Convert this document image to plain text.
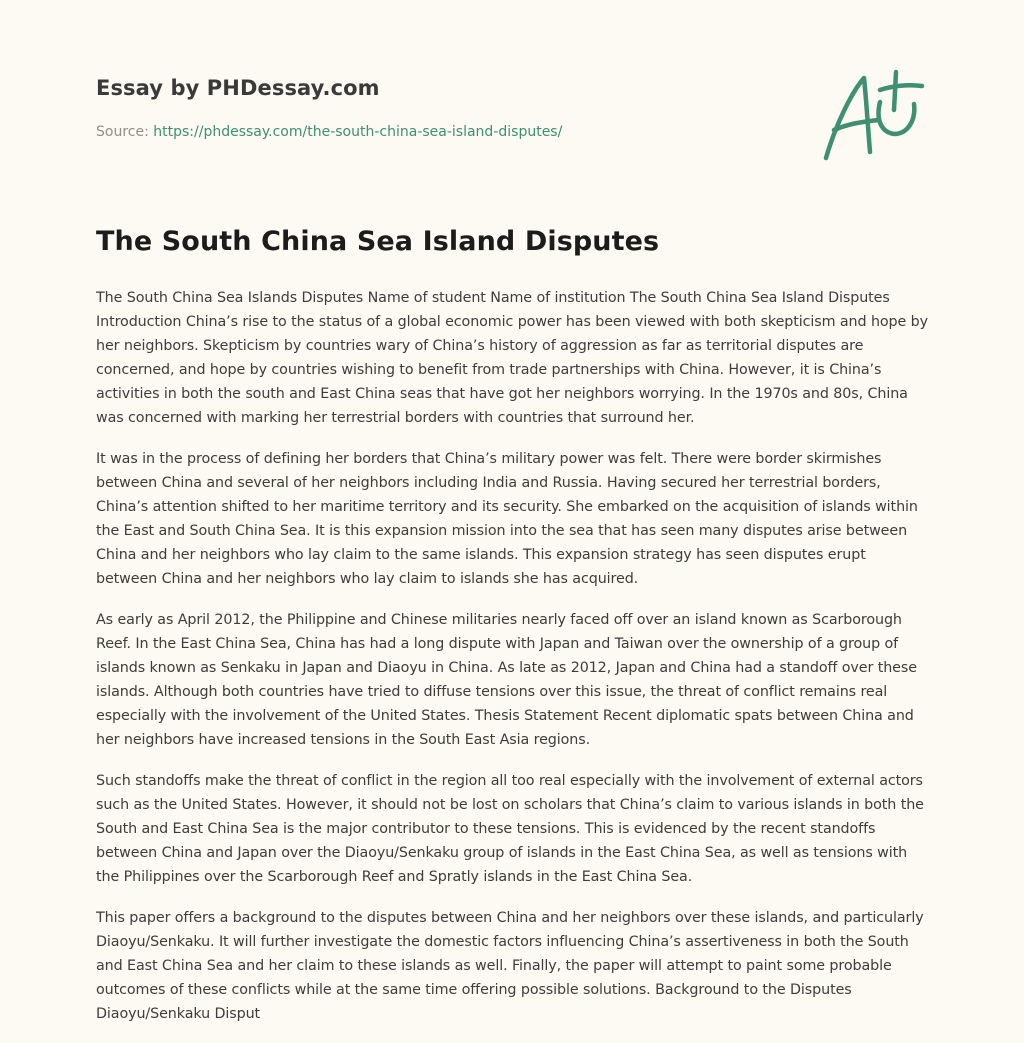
Essay by PHDessay.com
Source: https://phdessay.com/the-south-china-sea-island-disputes/
The South China Sea Island Disputes

The South China Sea Islands Disputes Name of student Name of institution The South China Sea Island Disputes Introduction China’s rise to the status of a global economic power has been viewed with both skepticism and hope by her neighbors. Skepticism by countries wary of China’s history of aggression as far as territorial disputes are concerned, and hope by countries wishing to benefit from trade partnerships with China. However, it is China’s activities in both the south and East China seas that have got her neighbors worrying. In the 1970s and 80s, China was concerned with marking her terrestrial borders with countries that surround her.

It was in the process of defining her borders that China’s military power was felt. There were border skirmishes between China and several of her neighbors including India and Russia. Having secured her terrestrial borders, China’s attention shifted to her maritime territory and its security. She embarked on the acquisition of islands within the East and South China Sea. It is this expansion mission into the sea that has seen many disputes arise between China and her neighbors who lay claim to the same islands. This expansion strategy has seen disputes erupt between China and her neighbors who lay claim to islands she has acquired.

As early as April 2012, the Philippine and Chinese militaries nearly faced off over an island known as Scarborough Reef. In the East China Sea, China has had a long dispute with Japan and Taiwan over the ownership of a group of islands known as Senkaku in Japan and Diaoyu in China. As late as 2012, Japan and China had a standoff over these islands. Although both countries have tried to diffuse tensions over this issue, the threat of conflict remains real especially with the involvement of the United States. Thesis Statement Recent diplomatic spats between China and her neighbors have increased tensions in the South East Asia regions.

Such standoffs make the threat of conflict in the region all too real especially with the involvement of external actors such as the United States. However, it should not be lost on scholars that China’s claim to various islands in both the South and East China Sea is the major contributor to these tensions. This is evidenced by the recent standoffs between China and Japan over the Diaoyu/Senkaku group of islands in the East China Sea, as well as tensions with the Philippines over the Scarborough Reef and Spratly islands in the East China Sea.

This paper offers a background to the disputes between China and her neighbors over these islands, and particularly Diaoyu/Senkaku. It will further investigate the domestic factors influencing China’s assertiveness in both the South and East China Sea and her claim to these islands as well. Finally, the paper will attempt to paint some probable outcomes of these conflicts while at the same time offering possible solutions. Background to the Disputes Diaoyu/Senkaku Disput
